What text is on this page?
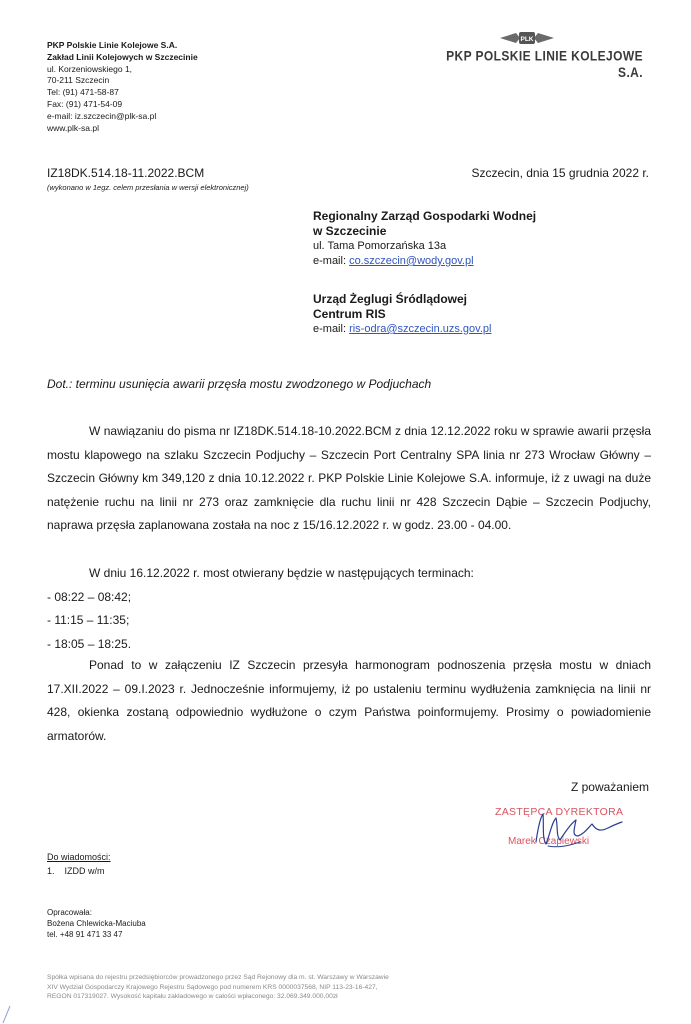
PKP Polskie Linie Kolejowe S.A.
Zakład Linii Kolejowych w Szczecinie
ul. Korzeniowskiego 1,
70-211 Szczecin
Tel: (91) 471-58-87
Fax: (91) 471-54-09
e-mail: iz.szczecin@plk-sa.pl
www.plk-sa.pl
PLK
PKP POLSKIE LINIE KOLEJOWE S.A.
IZ18DK.514.18-11.2022.BCM
(wykonano w 1egz. celem przesłania w wersji elektronicznej)
Szczecin, dnia 15 grudnia 2022 r.
Regionalny Zarząd Gospodarki Wodnej
w Szczecinie
ul. Tama Pomorzańska 13a
e-mail: co.szczecin@wody.gov.pl
Urząd Żeglugi Śródlądowej
Centrum RIS
e-mail: ris-odra@szczecin.uzs.gov.pl
Dot.: terminu usunięcia awarii przęsła mostu zwodzonego w Podjuchach

W nawiązaniu do pisma nr IZ18DK.514.18-10.2022.BCM z dnia 12.12.2022 roku w sprawie awarii przęsła mostu klapowego na szlaku Szczecin Podjuchy – Szczecin Port Centralny SPA linia nr 273 Wrocław Główny – Szczecin Główny km 349,120 z dnia 10.12.2022 r. PKP Polskie Linie Kolejowe S.A. informuje, iż z uwagi na duże natężenie ruchu na linii nr 273 oraz zamknięcie dla ruchu linii nr 428 Szczecin Dąbie – Szczecin Podjuchy, naprawa przęsła zaplanowana została na noc z 15/16.12.2022 r. w godz. 23.00 - 04.00.

W dniu 16.12.2022 r. most otwierany będzie w następujących terminach:

- 08:22 – 08:42;

- 11:15 – 11:35;

- 18:05 – 18:25.

Ponad to w załączeniu IZ Szczecin przesyła harmonogram podnoszenia przęsła mostu w dniach 17.XII.2022 – 09.I.2023 r. Jednocześnie informujemy, iż po ustaleniu terminu wydłużenia zamknięcia na linii nr 428, okienka zostaną odpowiednio wydłużone o czym Państwa poinformujemy. Prosimy o powiadomienie armatorów.

Z poważaniem
ZASTĘPCA DYREKTORA
Marek Czapiewski
Do wiadomości:
1.    IZDD w/m
Opracowała:
Bożena Chlewicka-Maciuba
tel. +48 91 471 33 47
Spółka wpisana do rejestru przedsiębiorców prowadzonego przez Sąd Rejonowy dla m. st. Warszawy w Warszawie
XIV Wydział Gospodarczy Krajowego Rejestru Sądowego pod numerem KRS 0000037568, NIP 113-23-16-427,
REGON 017319027. Wysokość kapitału zakładowego w całości wpłaconego: 32.069.349.000,00zł
